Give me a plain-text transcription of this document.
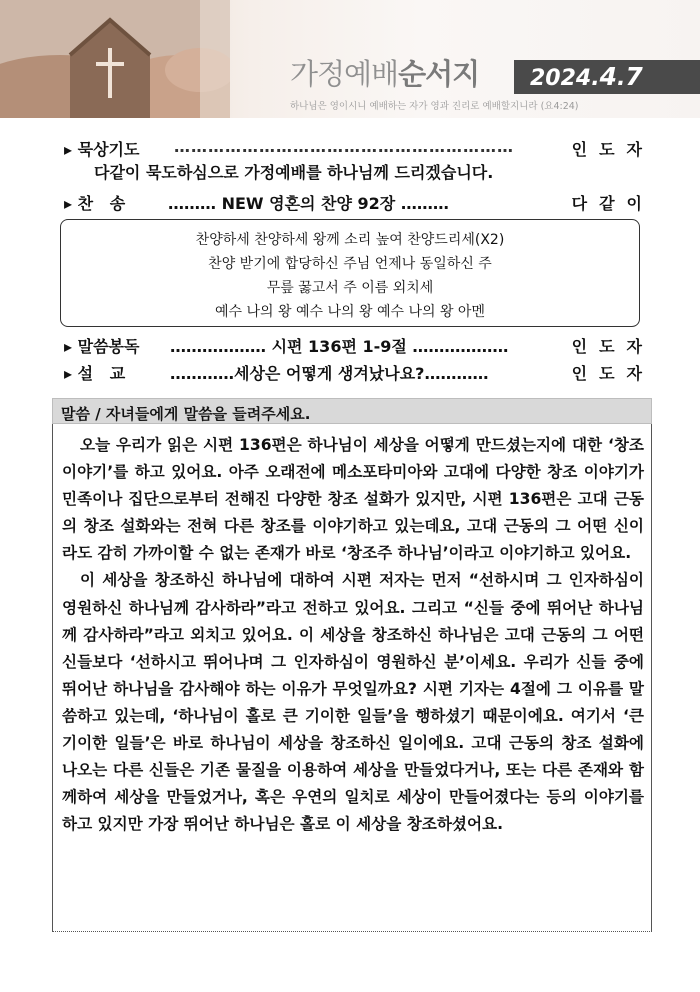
가정예배순서지 2024.4.7
하나님은 영이시니 예배하는 자가 영과 진리로 예배할지니라 (요4:24)
▸ 묵상기도 ……………………………………………………	인도자
다같이 묵도하심으로 가정예배를 하나님께 드리겠습니다.
▸ 찬   송	……… NEW 영혼의 찬양 92장 ………	다같이
찬양하세 찬양하세 왕께 소리 높여 찬양드리세(X2)
찬양 받기에 합당하신 주님 언제나 동일하신 주
무릎 꿇고서 주 이름 외치세
예수 나의 왕 예수 나의 왕 예수 나의 왕 아멘
▸ 말씀봉독 ……………… 시편 136편 1-9절 ………………	인도자
▸ 설   교	…………세상은 어떻게 생겨났나요?…………	인도자
말씀 / 자녀들에게 말씀을 들려주세요.

오늘 우리가 읽은 시편 136편은 하나님이 세상을 어떻게 만드셨는지에 대한 ‘창조 이야기’를 하고 있어요. 아주 오래전에 메소포타미아와 고대에 다양한 창조 이야기가 민족이나 집단으로부터 전해진 다양한 창조 설화가 있지만, 시편 136편은 고대 근동의 창조 설화와는 전혀 다른 창조를 이야기하고 있는데요, 고대 근동의 그 어떤 신이라도 감히 가까이할 수 없는 존재가 바로 ‘창조주 하나님’이라고 이야기하고 있어요.

이 세상을 창조하신 하나님에 대하여 시편 저자는 먼저 “선하시며 그 인자하심이 영원하신 하나님께 감사하라”라고 전하고 있어요. 그리고 “신들 중에 뛰어난 하나님께 감사하라”라고 외치고 있어요. 이 세상을 창조하신 하나님은 고대 근동의 그 어떤 신들보다 ‘선하시고 뛰어나며 그 인자하심이 영원하신 분’이세요. 우리가 신들 중에 뛰어난 하나님을 감사해야 하는 이유가 무엇일까요? 시편 기자는 4절에 그 이유를 말씀하고 있는데, ‘하나님이 홀로 큰 기이한 일들’을 행하셨기 때문이에요. 여기서 ‘큰 기이한 일들’은 바로 하나님이 세상을 창조하신 일이에요. 고대 근동의 창조 설화에 나오는 다른 신들은 기존 물질을 이용하여 세상을 만들었다거나, 또는 다른 존재와 함께하여 세상을 만들었거나, 혹은 우연의 일치로 세상이 만들어졌다는 등의 이야기를 하고 있지만 가장 뛰어난 하나님은 홀로 이 세상을 창조하셨어요.
